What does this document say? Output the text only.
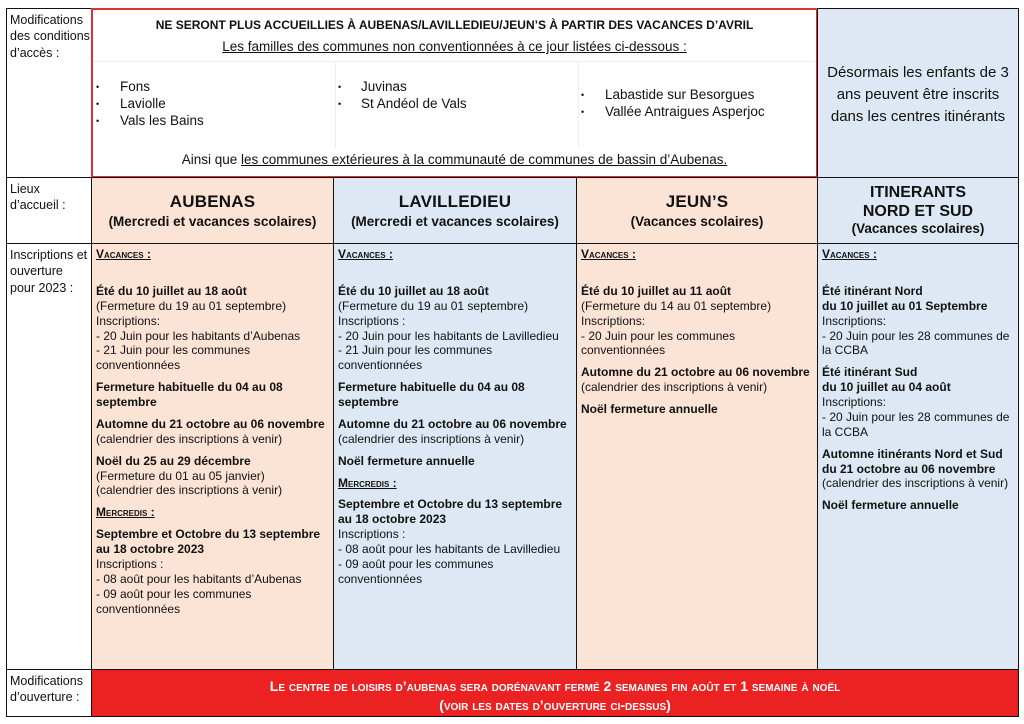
Modifications des conditions d’accès :
Lieux d’accueil :
Inscriptions et ouverture pour 2023 :
Modifications d’ouverture :
NE SERONT PLUS ACCUEILLIES À AUBENAS/LAVILLEDIEU/JEUN’S À PARTIR DES VACANCES D’AVRIL
Les familles des communes non conventionnées à ce jour listées ci-dessous :
• Fons
• Laviolle
• Vals les Bains
• Juvinas
• St Andéol de Vals
• Labastide sur Besorgues
• Vallée Antraigues Asperjoc
Ainsi que les communes extérieures à la communauté de communes de bassin d’Aubenas.
Désormais les enfants de 3 ans peuvent être inscrits dans les centres itinérants
AUBENAS
(Mercredi et vacances scolaires)
LAVILLEDIEU
(Mercredi et vacances scolaires)
JEUN’S
(Vacances scolaires)
ITINERANTS
NORD ET SUD
(Vacances scolaires)

Vacances :

Été du 10 juillet au 18 août

(Fermeture du 19 au 01 septembre)

Inscriptions:

- 20 Juin pour les habitants d’Aubenas

- 21 Juin pour les communes conventionnées

Fermeture habituelle du 04 au 08 septembre

Automne du 21 octobre au 06 novembre

(calendrier des inscriptions à venir)

Noël du 25 au 29 décembre

(Fermeture du 01 au 05 janvier)

(calendrier des inscriptions à venir)

Mercredis :

Septembre et Octobre du 13 septembre au 18 octobre 2023

Inscriptions :

- 08 août pour les habitants d’Aubenas

- 09 août pour les communes conventionnées

Vacances :

Été du 10 juillet au 18 août

(Fermeture du 19 au 01 septembre)

Inscriptions :

- 20 Juin pour les habitants de Lavilledieu

- 21 Juin pour les communes conventionnées

Fermeture habituelle du 04 au 08 septembre

Automne du 21 octobre au 06 novembre

(calendrier des inscriptions à venir)

Noël fermeture annuelle

Mercredis :

Septembre et Octobre du 13 septembre au 18 octobre 2023

Inscriptions :

- 08 août pour les habitants de Lavilledieu

- 09 août pour les communes conventionnées

Vacances :

Été du 10 juillet au 11 août

(Fermeture du 14 au 01 septembre)

Inscriptions:

- 20 Juin pour les communes conventionnées

Automne du 21 octobre au 06 novembre

(calendrier des inscriptions à venir)

Noël fermeture annuelle

Vacances :

Été itinérant Nord

du 10 juillet au 01 Septembre

Inscriptions:

- 20 Juin pour les 28 communes de la CCBA

Été itinérant Sud

du 10 juillet au 04 août

Inscriptions:

- 20 Juin pour les 28 communes de la CCBA

Automne itinérants Nord et Sud du 21 octobre au 06 novembre

(calendrier des inscriptions à venir)

Noël fermeture annuelle

Le centre de loisirs d’aubenas sera dorénavant fermé 2 semaines fin août et 1 semaine à noël
(voir les dates d’ouverture ci-dessus)
